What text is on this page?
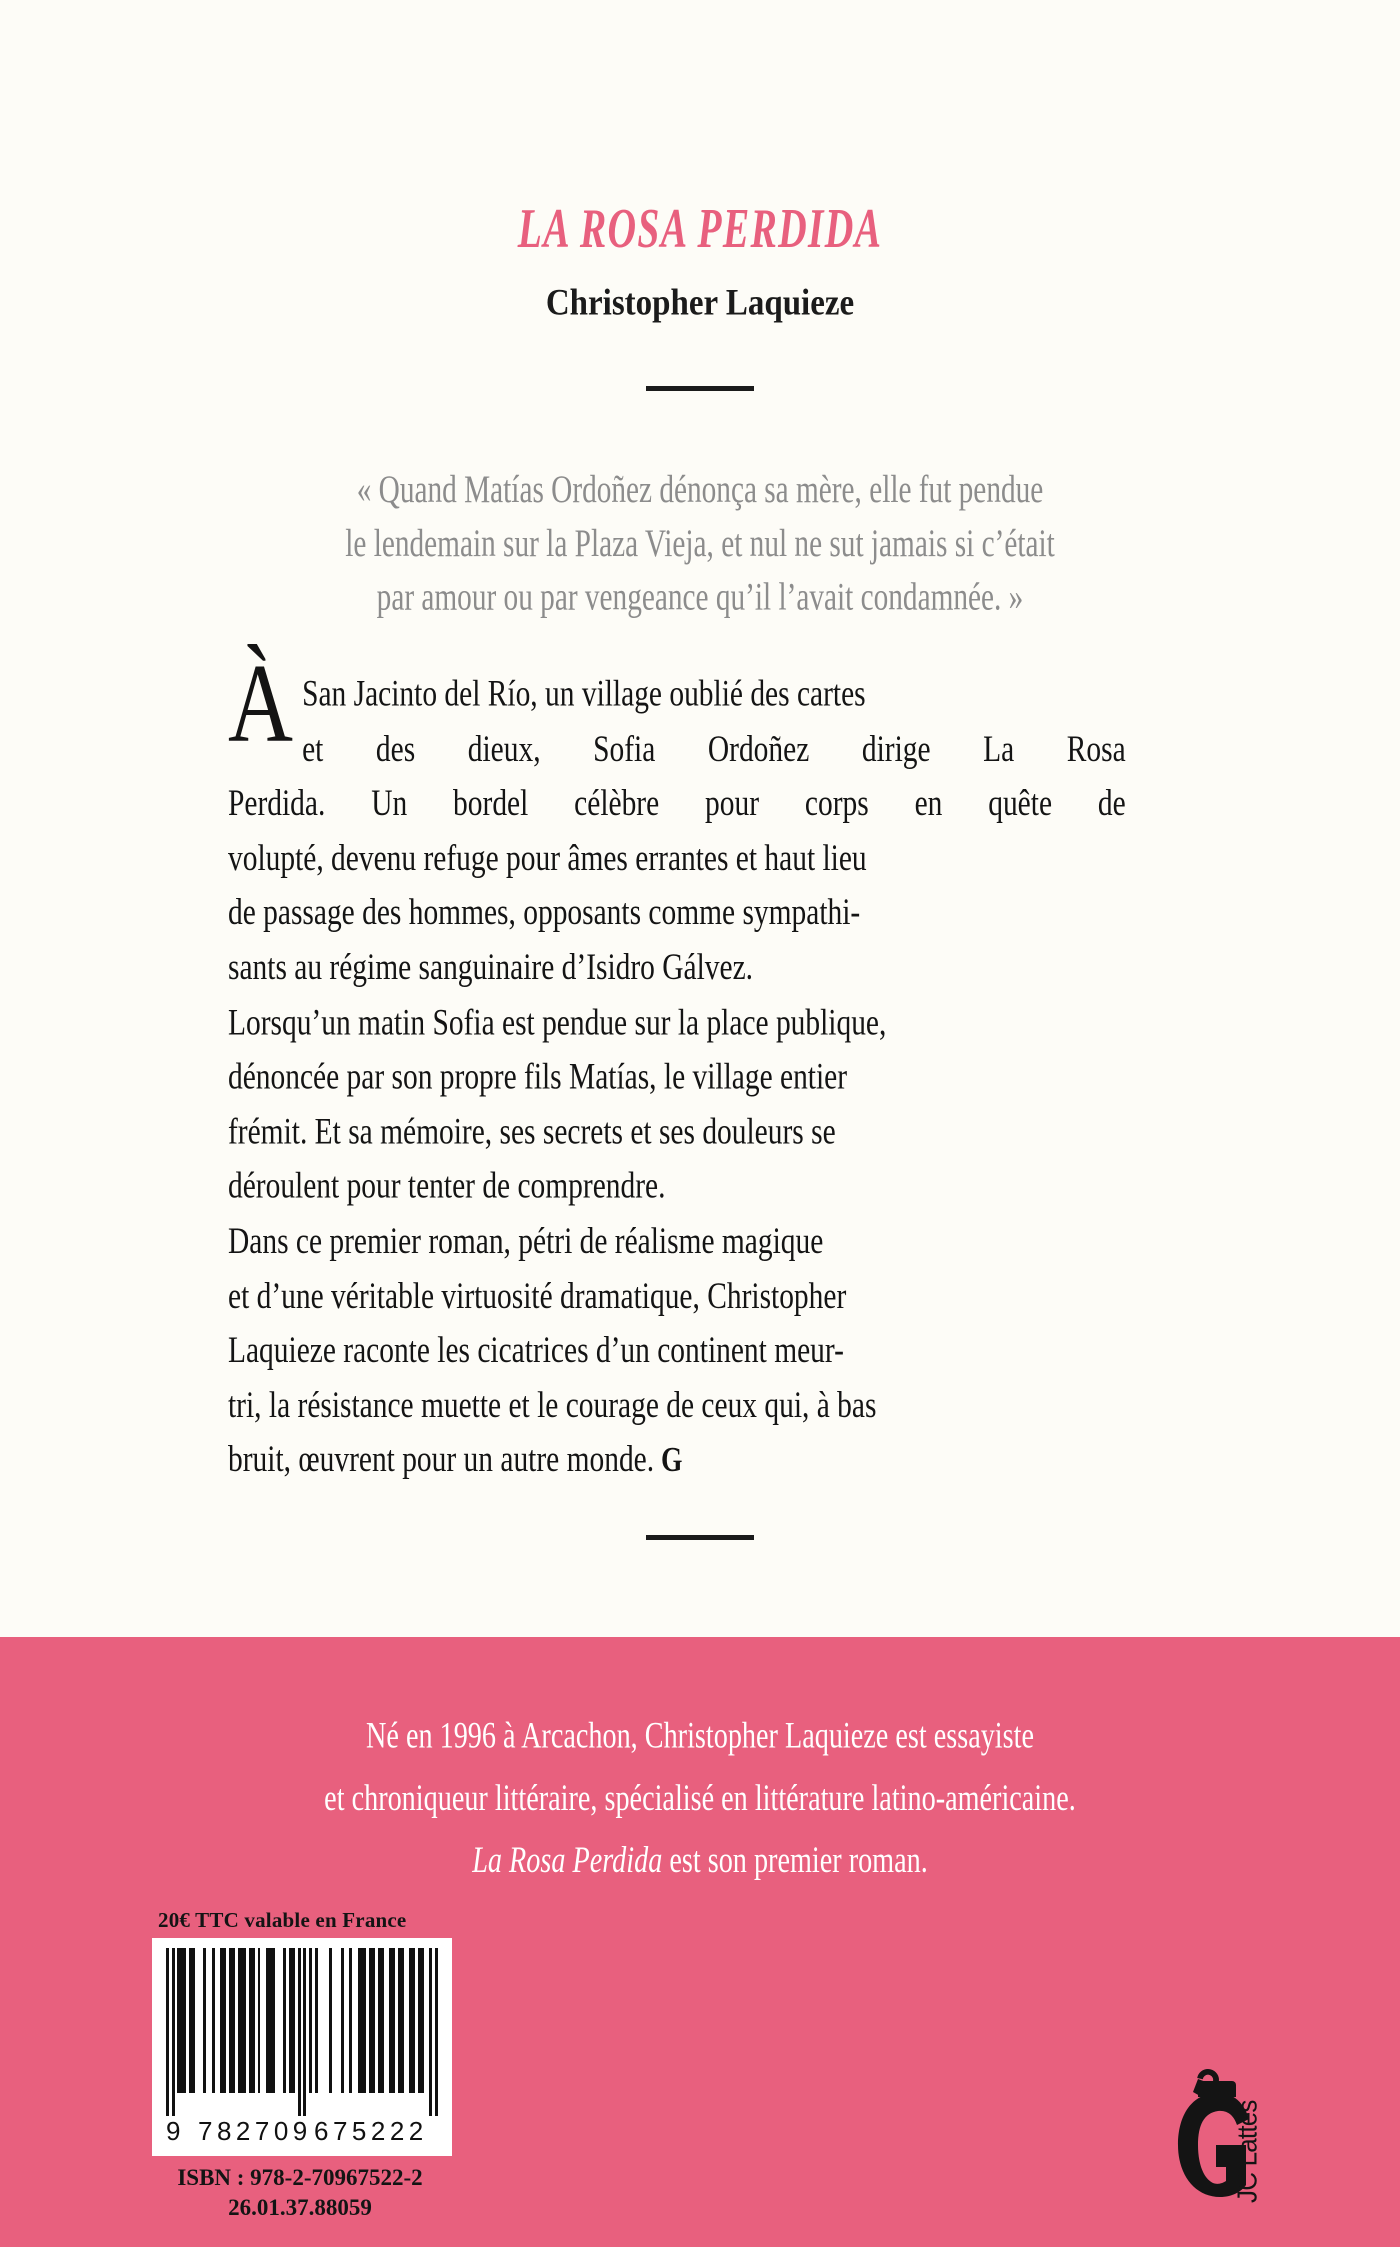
LA ROSA PERDIDA
Christopher Laquieze
« Quand Matías Ordoñez dénonça sa mère, elle fut pendue
le lendemain sur la Plaza Vieja, et nul ne sut jamais si c’était
par amour ou par vengeance qu’il l’avait condamnée. »
À San Jacinto del Río, un village oublié des cartes
et des dieux, Sofia Ordoñez dirige La Rosa
Perdida. Un bordel célèbre pour corps en quête de
volupté, devenu refuge pour âmes errantes et haut lieu
de passage des hommes, opposants comme sympathi-
sants au régime sanguinaire d’Isidro Gálvez.
Lorsqu’un matin Sofia est pendue sur la place publique,
dénoncée par son propre fils Matías, le village entier
frémit. Et sa mémoire, ses secrets et ses douleurs se
déroulent pour tenter de comprendre.
Dans ce premier roman, pétri de réalisme magique
et d’une véritable virtuosité dramatique, Christopher
Laquieze raconte les cicatrices d’un continent meur-
tri, la résistance muette et le courage de ceux qui, à bas
bruit, œuvrent pour un autre monde. G
Né en 1996 à Arcachon, Christopher Laquieze est essayiste
et chroniqueur littéraire, spécialisé en littérature latino-américaine.
La Rosa Perdida est son premier roman.
20€ TTC valable en France
9 782709 675222
ISBN : 978-2-70967522-2
26.01.37.88059
JC Lattès
